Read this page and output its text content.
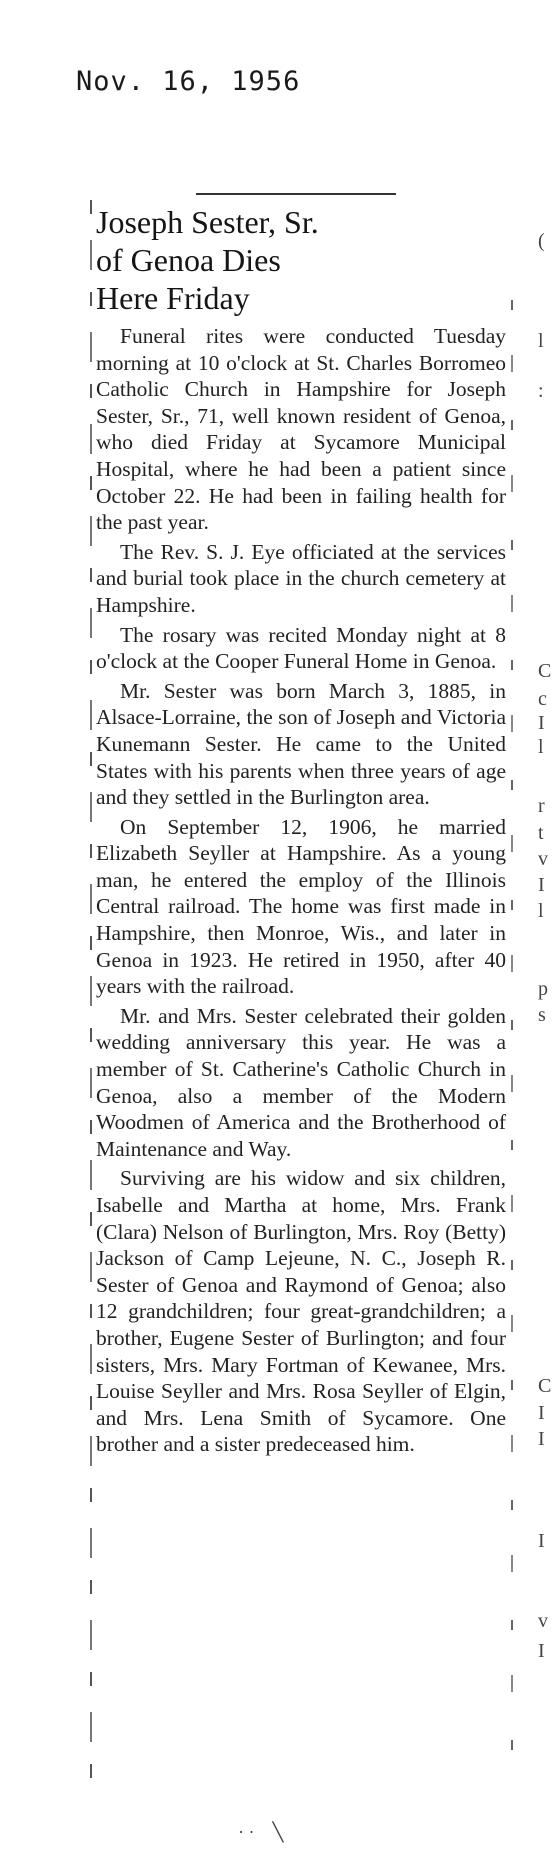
Nov. 16, 1956
Joseph Sester, Sr.
of Genoa Dies
Here Friday

Funeral rites were conducted Tuesday morning at 10 o'clock at St. Charles Borromeo Catholic Church in Hampshire for Joseph Sester, Sr., 71, well known resident of Genoa, who died Friday at Sycamore Municipal Hospital, where he had been a patient since October 22. He had been in failing health for the past year.

The Rev. S. J. Eye officiated at the services and burial took place in the church cemetery at Hampshire.

The rosary was recited Monday night at 8 o'clock at the Cooper Funeral Home in Genoa.

Mr. Sester was born March 3, 1885, in Alsace-Lorraine, the son of Joseph and Victoria Kunemann Sester. He came to the United States with his parents when three years of age and they settled in the Burlington area.

On September 12, 1906, he married Elizabeth Seyller at Hampshire. As a young man, he entered the employ of the Illinois Central railroad. The home was first made in Hampshire, then Monroe, Wis., and later in Genoa in 1923. He retired in 1950, after 40 years with the railroad.

Mr. and Mrs. Sester celebrated their golden wedding anniversary this year. He was a member of St. Catherine's Catholic Church in Genoa, also a member of the Modern Woodmen of America and the Brotherhood of Maintenance and Way.

Surviving are his widow and six children, Isabelle and Martha at home, Mrs. Frank (Clara) Nelson of Burlington, Mrs. Roy (Betty) Jackson of Camp Lejeune, N. C., Joseph R. Sester of Genoa and Raymond of Genoa; also 12 grandchildren; four great-grandchildren; a brother, Eugene Sester of Burlington; and four sisters, Mrs. Mary Fortman of Kewanee, Mrs. Louise Seyller and Mrs. Rosa Seyller of Elgin, and Mrs. Lena Smith of Sycamore. One brother and a sister predeceased him.

(
l
:
C
c
I
l
r
t
v
I
l
p
s
C
I
I
I
v
I
· ·    ╲
